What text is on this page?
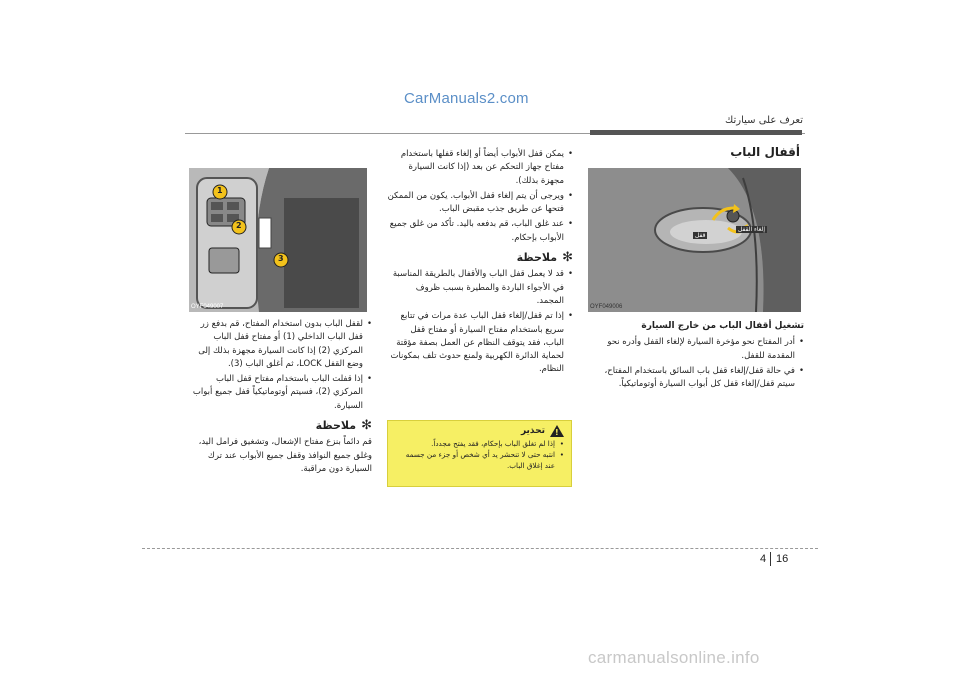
CarManuals2.com
تعرف على سيارتك
أقفال الباب
OYF049006
قفل
إلغاء القفل
1
2
3
OYF049007
تشغيل أقفال الباب من خارج السيارة

• أدر المفتاح نحو مؤخرة السيارة لإلغاء القفل وأدره نحو المقدمة للقفل.

• في حالة قفل/إلغاء قفل باب السائق باستخدام المفتاح، سيتم قفل/إلغاء قفل كل أبواب السيارة أوتوماتيكياً.

• يمكن قفل الأبواب أيضاً أو إلغاء قفلها باستخدام مفتاح جهاز التحكم عن بعد (إذا كانت السيارة مجهزة بذلك).

• ويرجى أن يتم إلغاء قفل الأبواب. يكون من الممكن فتحها عن طريق جذب مقبض الباب.

• عند غلق الباب، قم بدفعه باليد. تأكد من غلق جميع الأبواب بإحكام.

✻ملاحظة

• قد لا يعمل قفل الباب والأقفال بالطريقة المناسبة في الأجواء الباردة والمطيرة بسبب ظروف المجمد.

• إذا تم قفل/إلغاء قفل الباب عدة مرات في تتابع سريع باستخدام مفتاح السيارة أو مفتاح قفل الباب، فقد يتوقف النظام عن العمل بصفة مؤقتة لحماية الدائرة الكهربية ولمنع حدوث تلف بمكونات النظام.

!
تحذير
• إذا لم تغلق الباب بإحكام، فقد يفتح مجدداً.
• انتبه حتى لا تنحشر يد أي شخص أو جزء من جسمه عند إغلاق الباب.

• لقفل الباب بدون استخدام المفتاح، قم بدفع زر قفل الباب الداخلي (1) أو مفتاح قفل الباب المركزي (2) إذا كانت السيارة مجهزة بذلك إلى وضع القفل LOCK، ثم أغلق الباب (3).

• إذا قفلت الباب باستخدام مفتاح قفل الباب المركزي (2)، فسيتم أوتوماتيكياً قفل جميع أبواب السيارة.

✻ملاحظة

قم دائماً بنزع مفتاح الإشعال، وتشغيق فرامل اليد، وغلق جميع النوافذ وقفل جميع الأبواب عند ترك السيارة دون مراقبة.

4 16
carmanualsonline.info
